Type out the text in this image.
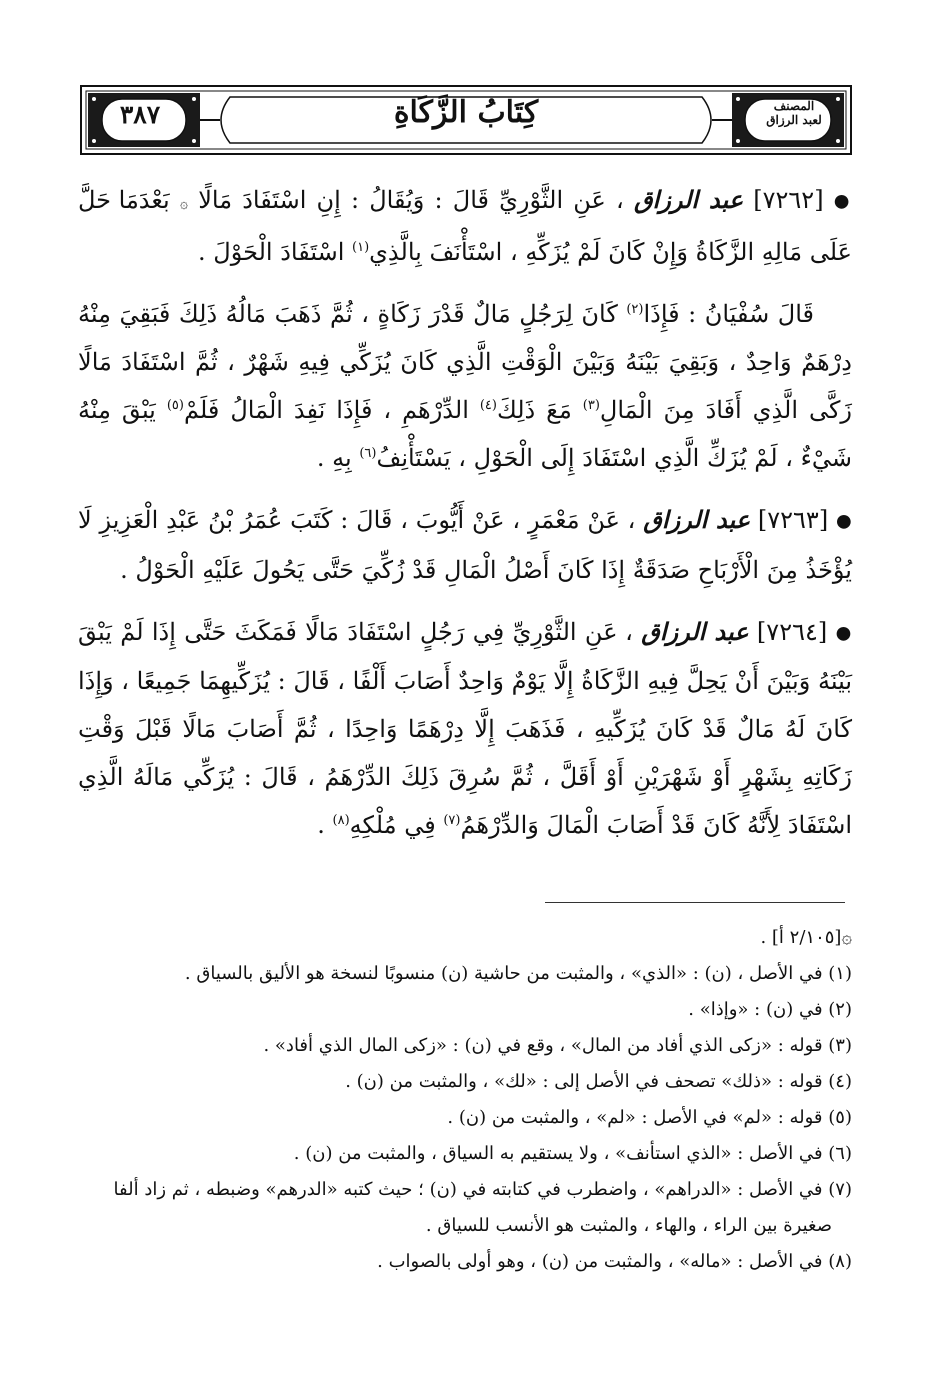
٣٨٧	كِتَابُ الزَّكَاةِ	المصنف
لعبد الرزاق

● [٧٢٦٢] عبد الرزاق ، عَنِ الثَّوْرِيِّ قَالَ : وَيُقَالُ : إِنِ اسْتَفَادَ مَالًا ۞ بَعْدَمَا حَلَّ عَلَى مَالِهِ الزَّكَاةُ وَإِنْ كَانَ لَمْ يُزَكِّهِ ، اسْتَأْنَفَ بِالَّذِي$^{(١)}$ اسْتَفَادَ الْحَوْلَ .

قَالَ سُفْيَانُ : فَإِذَا$^{(٢)}$ كَانَ لِرَجُلٍ مَالٌ قَدْرَ زَكَاةٍ ، ثُمَّ ذَهَبَ مَالُهُ ذَلِكَ فَبَقِيَ مِنْهُ دِرْهَمٌ وَاحِدٌ ، وَبَقِيَ بَيْنَهُ وَبَيْنَ الْوَقْتِ الَّذِي كَانَ يُزَكِّي فِيهِ شَهْرٌ ، ثُمَّ اسْتَفَادَ مَالًا زَكَّى الَّذِي أَفَادَ مِنَ الْمَالِ$^{(٣)}$ مَعَ ذَلِكَ$^{(٤)}$ الدِّرْهَمِ ، فَإِذَا نَفِدَ الْمَالُ فَلَمْ$^{(٥)}$ يَبْقَ مِنْهُ شَيْءٌ ، لَمْ يُزَكِّ الَّذِي اسْتَفَادَ إِلَى الْحَوْلِ ، يَسْتَأْنِفُ$^{(٦)}$ بِهِ .

● [٧٢٦٣] عبد الرزاق ، عَنْ مَعْمَرٍ ، عَنْ أَيُّوبَ ، قَالَ : كَتَبَ عُمَرُ بْنُ عَبْدِ الْعَزِيزِ لَا يُؤْخَذُ مِنَ الْأَرْبَاحِ صَدَقَةٌ إِذَا كَانَ أَصْلُ الْمَالِ قَدْ زُكِّيَ حَتَّى يَحُولَ عَلَيْهِ الْحَوْلُ .

● [٧٢٦٤] عبد الرزاق ، عَنِ الثَّوْرِيِّ فِي رَجُلٍ اسْتَفَادَ مَالًا فَمَكَثَ حَتَّى إِذَا لَمْ يَبْقَ بَيْنَهُ وَبَيْنَ أَنْ يَحِلَّ فِيهِ الزَّكَاةُ إِلَّا يَوْمٌ وَاحِدٌ أَصَابَ أَلْفًا ، قَالَ : يُزَكِّيهِمَا جَمِيعًا ، وَإِذَا كَانَ لَهُ مَالٌ قَدْ كَانَ يُزَكِّيهِ ، فَذَهَبَ إِلَّا دِرْهَمًا وَاحِدًا ، ثُمَّ أَصَابَ مَالًا قَبْلَ وَقْتِ زَكَاتِهِ بِشَهْرٍ أَوْ شَهْرَيْنِ أَوْ أَقَلَّ ، ثُمَّ سُرِقَ ذَلِكَ الدِّرْهَمُ ، قَالَ : يُزَكِّي مَالَهُ الَّذِي اسْتَفَادَ لِأَنَّهُ كَانَ قَدْ أَصَابَ الْمَالَ وَالدِّرْهَمُ$^{(٧)}$ فِي مُلْكِهِ$^{(٨)}$ .

۞[٢/١٠٥ أ] .

(١) في الأصل ، (ن) : «الذي» ، والمثبت من حاشية (ن) منسوبًا لنسخة هو الأليق بالسياق .

(٢) في (ن) : «وإذا» .

(٣) قوله : «زكى الذي أفاد من المال» ، وقع في (ن) : «زكى المال الذي أفاد» .

(٤) قوله : «ذلك» تصحف في الأصل إلى : «لك» ، والمثبت من (ن) .

(٥) قوله : «لم» في الأصل : «لم» ، والمثبت من (ن) .

(٦) في الأصل : «الذي استأنف» ، ولا يستقيم به السياق ، والمثبت من (ن) .

(٧) في الأصل : «الدراهم» ، واضطرب في كتابته في (ن) ؛ حيث كتبه «الدرهم» وضبطه ، ثم زاد ألفا

صغيرة بين الراء ، والهاء ، والمثبت هو الأنسب للسياق .

(٨) في الأصل : «ماله» ، والمثبت من (ن) ، وهو أولى بالصواب .
